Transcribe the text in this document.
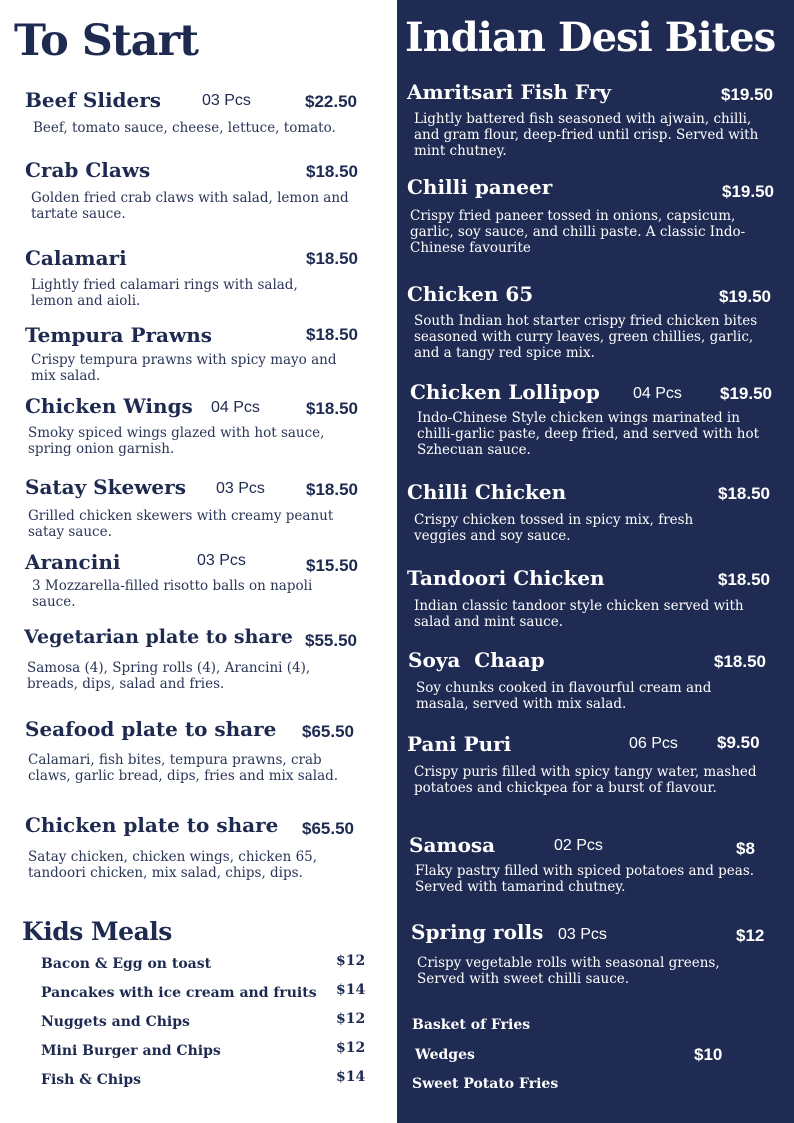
To Start
Beef Sliders	03 Pcs	$22.50
Beef, tomato sauce, cheese, lettuce, tomato.
Crab Claws	$18.50
Golden fried crab claws with salad, lemon and tartate sauce.
Calamari	$18.50
Lightly fried calamari rings with salad, lemon and aioli.
Tempura Prawns	$18.50
Crispy tempura prawns with spicy mayo and mix salad.
Chicken Wings 04 Pcs	$18.50
Smoky spiced wings glazed with hot sauce, spring onion garnish.
Satay Skewers 03 Pcs $18.50
Grilled chicken skewers with creamy peanut satay sauce.
Arancini	03 Pcs	$15.50
3 Mozzarella-filled risotto balls on napoli sauce.
Vegetarian plate to share $55.50
Samosa (4), Spring rolls (4), Arancini (4), breads, dips, salad and fries.
Seafood plate to share $65.50
Calamari, fish bites, tempura prawns, crab claws, garlic bread, dips, fries and mix salad.
Chicken plate to share $65.50
Satay chicken, chicken wings, chicken 65, tandoori chicken, mix salad, chips, dips.
Kids Meals
Bacon & Egg on toast	$12
Pancakes with ice cream and fruits $14
Nuggets and Chips	$12
Mini Burger and Chips	$12
Fish & Chips	$14
Indian Desi Bites
Amritsari Fish Fry	$19.50
Lightly battered fish seasoned with ajwain, chilli, and gram flour, deep-fried until crisp. Served with mint chutney.
Chilli paneer	$19.50
Crispy fried paneer tossed in onions, capsicum, garlic, soy sauce, and chilli paste. A classic Indo-Chinese favourite
Chicken 65	$19.50
South Indian hot starter crispy fried chicken bites seasoned with curry leaves, green chillies, garlic, and a tangy red spice mix.
Chicken Lollipop 04 Pcs $19.50
Indo-Chinese Style chicken wings marinated in chilli-garlic paste, deep fried, and served with hot Szhecuan sauce.
Chilli Chicken	$18.50
Crispy chicken tossed in spicy mix, fresh veggies and soy sauce.
Tandoori Chicken	$18.50
Indian classic tandoor style chicken served with salad and mint sauce.
Soya  Chaap	$18.50
Soy chunks cooked in flavourful cream and masala, served with mix salad.
Pani Puri	06 Pcs $9.50
Crispy puris filled with spicy tangy water, mashed potatoes and chickpea for a burst of flavour.
Samosa	02 Pcs	$8
Flaky pastry filled with spiced potatoes and peas. Served with tamarind chutney.
Spring rolls 03 Pcs	$12
Crispy vegetable rolls with seasonal greens, Served with sweet chilli sauce.
Basket of Fries
Wedges	$10
Sweet Potato Fries
